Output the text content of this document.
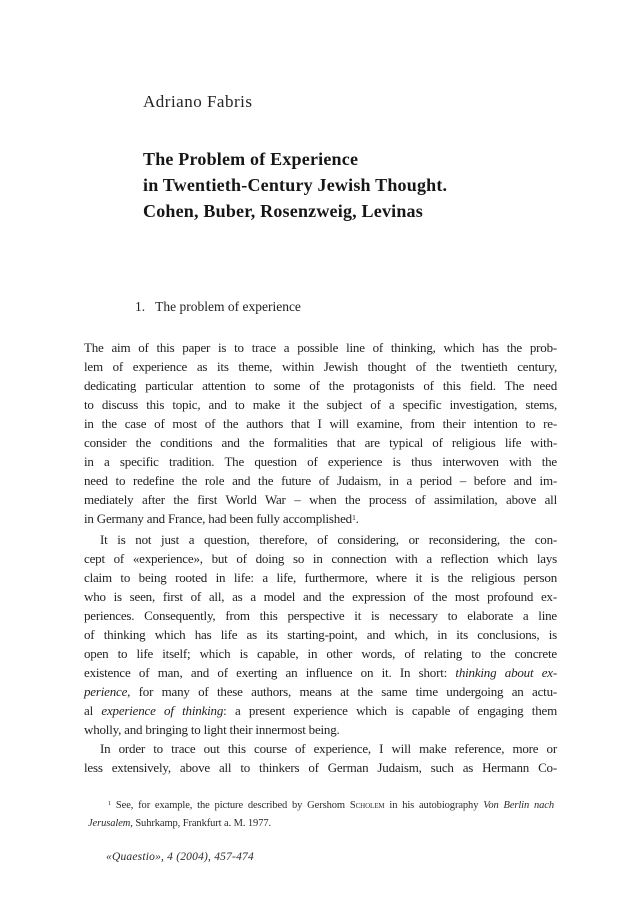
Adriano Fabris
The Problem of Experience
in Twentieth-Century Jewish Thought.
Cohen, Buber, Rosenzweig, Levinas
1. The problem of experience
The aim of this paper is to trace a possible line of thinking, which has the prob-
lem of experience as its theme, within Jewish thought of the twentieth century,
dedicating particular attention to some of the protagonists of this field. The need
to discuss this topic, and to make it the subject of a specific investigation, stems,
in the case of most of the authors that I will examine, from their intention to re-
consider the conditions and the formalities that are typical of religious life with-
in a specific tradition. The question of experience is thus interwoven with the
need to redefine the role and the future of Judaism, in a period – before and im-
mediately after the first World War – when the process of assimilation, above all
in Germany and France, had been fully accomplished$^1$.
It is not just a question, therefore, of considering, or reconsidering, the con-
cept of «experience», but of doing so in connection with a reflection which lays
claim to being rooted in life: a life, furthermore, where it is the religious person
who is seen, first of all, as a model and the expression of the most profound ex-
periences. Consequently, from this perspective it is necessary to elaborate a line
of thinking which has life as its starting-point, and which, in its conclusions, is
open to life itself; which is capable, in other words, of relating to the concrete
existence of man, and of exerting an influence on it. In short: thinking about ex-
perience, for many of these authors, means at the same time undergoing an actu-
al experience of thinking: a present experience which is capable of engaging them
wholly, and bringing to light their innermost being.
In order to trace out this course of experience, I will make reference, more or
less extensively, above all to thinkers of German Judaism, such as Hermann Co-
$^1$ See, for example, the picture described by Gershom Scholem in his autobiography Von Berlin nach
Jerusalem, Suhrkamp, Frankfurt a. M. 1977.
«Quaestio», 4 (2004), 457-474
